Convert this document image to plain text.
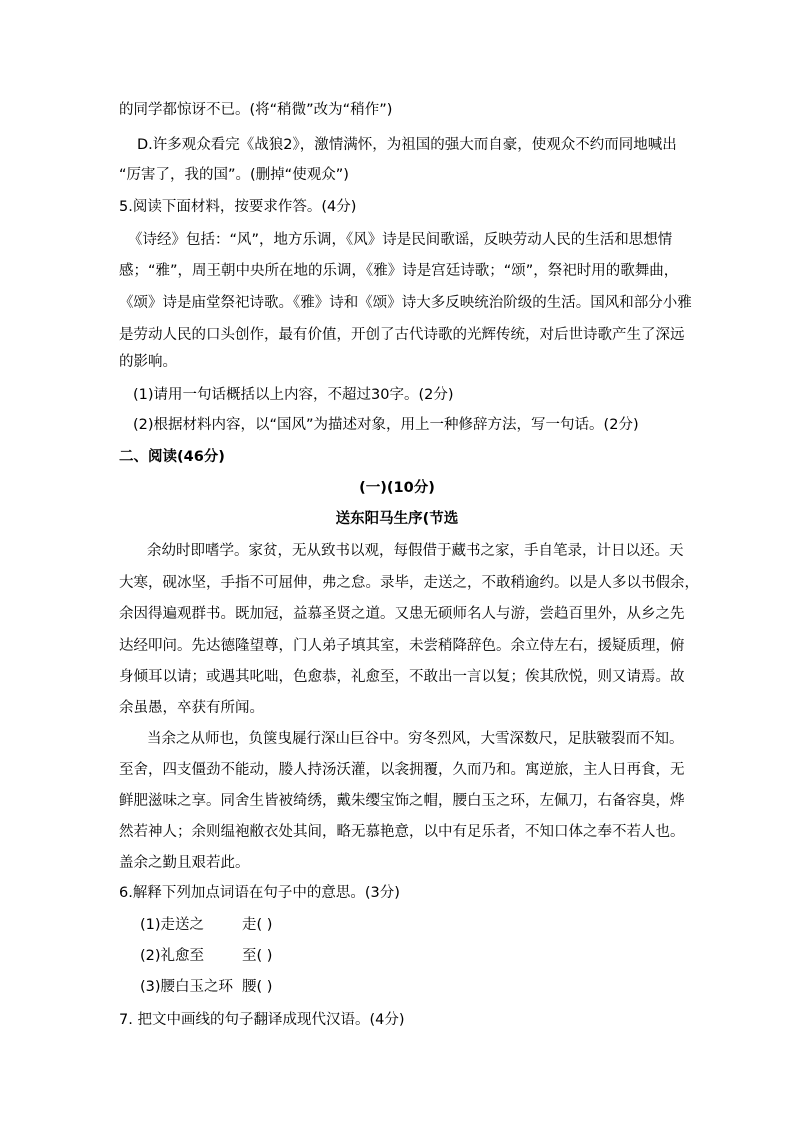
的同学都惊讶不已。(将“稍微”改为“稍作”)
D.许多观众看完《战狼2》，激情满怀，为祖国的强大而自豪，使观众不约而同地喊出
“厉害了，我的国”。(删掉“使观众”)
5.阅读下面材料，按要求作答。(4分)
《诗经》包括：“风”，地方乐调，《风》诗是民间歌谣，反映劳动人民的生活和思想情
感；“雅”，周王朝中央所在地的乐调，《雅》诗是宫廷诗歌；“颂”，祭祀时用的歌舞曲，
《颂》诗是庙堂祭祀诗歌。《雅》诗和《颂》诗大多反映统治阶级的生活。国风和部分小雅
是劳动人民的口头创作，最有价值，开创了古代诗歌的光辉传统，对后世诗歌产生了深远
的影响。
(1)请用一句话概括以上内容，不超过30字。(2分)
(2)根据材料内容，以“国风”为描述对象，用上一种修辞方法，写一句话。(2分)
二、阅读(46分)
(一)(10分)
送东阳马生序(节选
余幼时即嗜学。家贫，无从致书以观，每假借于藏书之家，手自笔录，计日以还。天
大寒，砚冰坚，手指不可屈伸，弗之怠。录毕，走送之，不敢稍逾约。以是人多以书假余，
余因得遍观群书。既加冠，益慕圣贤之道。又患无硕师名人与游，尝趋百里外，从乡之先
达经叩问。先达德隆望尊，门人弟子填其室，未尝稍降辞色。余立侍左右，援疑质理，俯
身倾耳以请；或遇其叱咄，色愈恭，礼愈至，不敢出一言以复；俟其欣悦，则又请焉。故
余虽愚，卒获有所闻。
当余之从师也，负箧曳屣行深山巨谷中。穷冬烈风，大雪深数尺，足肤皲裂而不知。
至舍，四支僵劲不能动，媵人持汤沃灌，以衾拥覆，久而乃和。寓逆旅，主人日再食，无
鲜肥滋味之享。同舍生皆被绮绣，戴朱缨宝饰之帽，腰白玉之环，左佩刀，右备容臭，烨
然若神人；余则缊袍敝衣处其间，略无慕艳意，以中有足乐者，不知口体之奉不若人也。
盖余之勤且艰若此。
6.解释下列加点词语在句子中的意思。(3分)
(1)走送之	走( )
(2)礼愈至	至( )
(3)腰白玉之环 腰( )
7. 把文中画线的句子翻译成现代汉语。(4分)
